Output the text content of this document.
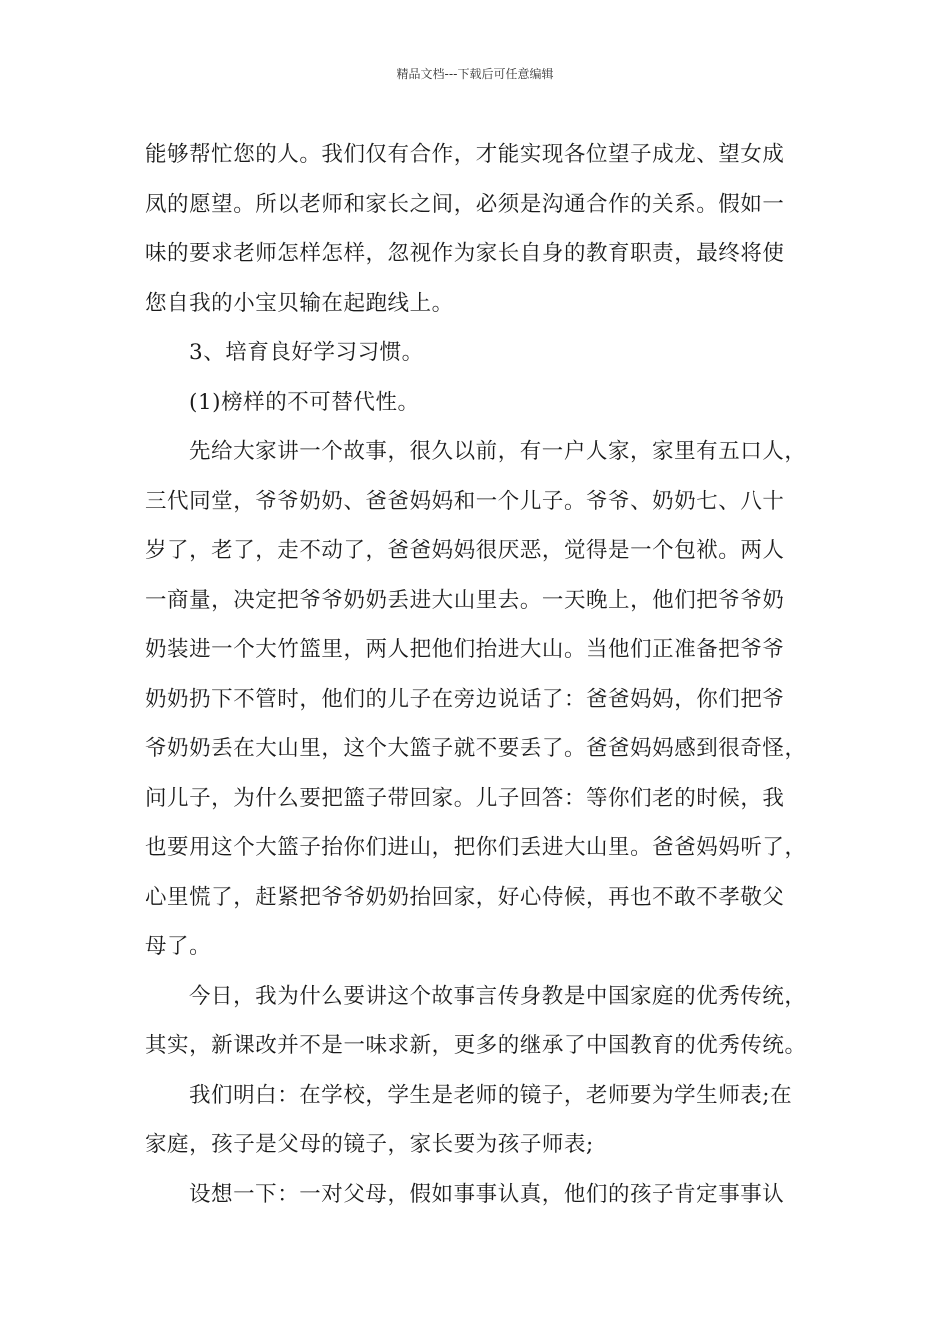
精品文档---下载后可任意编辑
能够帮忙您的人。我们仅有合作，才能实现各位望子成龙、望女成
凤的愿望。所以老师和家长之间，必须是沟通合作的关系。假如一
味的要求老师怎样怎样，忽视作为家长自身的教育职责，最终将使
您自我的小宝贝输在起跑线上。
3、培育良好学习习惯。
(1)榜样的不可替代性。
先给大家讲一个故事，很久以前，有一户人家，家里有五口人，
三代同堂，爷爷奶奶、爸爸妈妈和一个儿子。爷爷、奶奶七、八十
岁了，老了，走不动了，爸爸妈妈很厌恶，觉得是一个包袱。两人
一商量，决定把爷爷奶奶丢进大山里去。一天晚上，他们把爷爷奶
奶装进一个大竹篮里，两人把他们抬进大山。当他们正准备把爷爷
奶奶扔下不管时，他们的儿子在旁边说话了：爸爸妈妈，你们把爷
爷奶奶丢在大山里，这个大篮子就不要丢了。爸爸妈妈感到很奇怪，
问儿子，为什么要把篮子带回家。儿子回答：等你们老的时候，我
也要用这个大篮子抬你们进山，把你们丢进大山里。爸爸妈妈听了，
心里慌了，赶紧把爷爷奶奶抬回家，好心侍候，再也不敢不孝敬父
母了。
今日，我为什么要讲这个故事言传身教是中国家庭的优秀传统，
其实，新课改并不是一味求新，更多的继承了中国教育的优秀传统。
我们明白：在学校，学生是老师的镜子，老师要为学生师表;在
家庭，孩子是父母的镜子，家长要为孩子师表;
设想一下：一对父母，假如事事认真，他们的孩子肯定事事认
